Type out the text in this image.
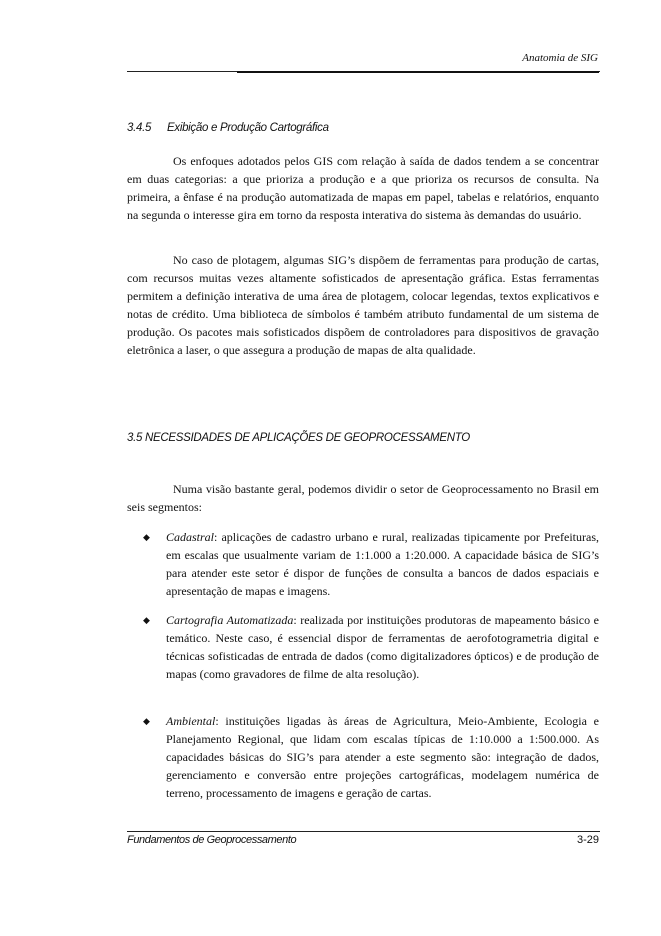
Anatomia de SIG
3.4.5 Exibição e Produção Cartográfica

Os enfoques adotados pelos GIS com relação à saída de dados tendem a se concentrar em duas categorias: a que prioriza a produção e a que prioriza os recursos de consulta. Na primeira, a ênfase é na produção automatizada de mapas em papel, tabelas e relatórios, enquanto na segunda o interesse gira em torno da resposta interativa do sistema às demandas do usuário.

No caso de plotagem, algumas SIG’s dispõem de ferramentas para produção de cartas, com recursos muitas vezes altamente sofisticados de apresentação gráfica. Estas ferramentas permitem a definição interativa de uma área de plotagem, colocar legendas, textos explicativos e notas de crédito. Uma biblioteca de símbolos é também atributo fundamental de um sistema de produção. Os pacotes mais sofisticados dispõem de controladores para dispositivos de gravação eletrônica a laser, o que assegura a produção de mapas de alta qualidade.

3.5 NECESSIDADES DE APLICAÇÕES DE GEOPROCESSAMENTO

Numa visão bastante geral, podemos dividir o setor de Geoprocessamento no Brasil em seis segmentos:

◆ Cadastral: aplicações de cadastro urbano e rural, realizadas tipicamente por Prefeituras, em escalas que usualmente variam de 1:1.000 a 1:20.000. A capacidade básica de SIG’s para atender este setor é dispor de funções de consulta a bancos de dados espaciais e apresentação de mapas e imagens.

◆ Cartografia Automatizada: realizada por instituições produtoras de mapeamento básico e temático. Neste caso, é essencial dispor de ferramentas de aerofotogrametria digital e técnicas sofisticadas de entrada de dados (como digitalizadores ópticos) e de produção de mapas (como gravadores de filme de alta resolução).

◆ Ambiental: instituições ligadas às áreas de Agricultura, Meio-Ambiente, Ecologia e Planejamento Regional, que lidam com escalas típicas de 1:10.000 a 1:500.000. As capacidades básicas do SIG’s para atender a este segmento são: integração de dados, gerenciamento e conversão entre projeções cartográficas, modelagem numérica de terreno, processamento de imagens e geração de cartas.

Fundamentos de Geoprocessamento	3-29
